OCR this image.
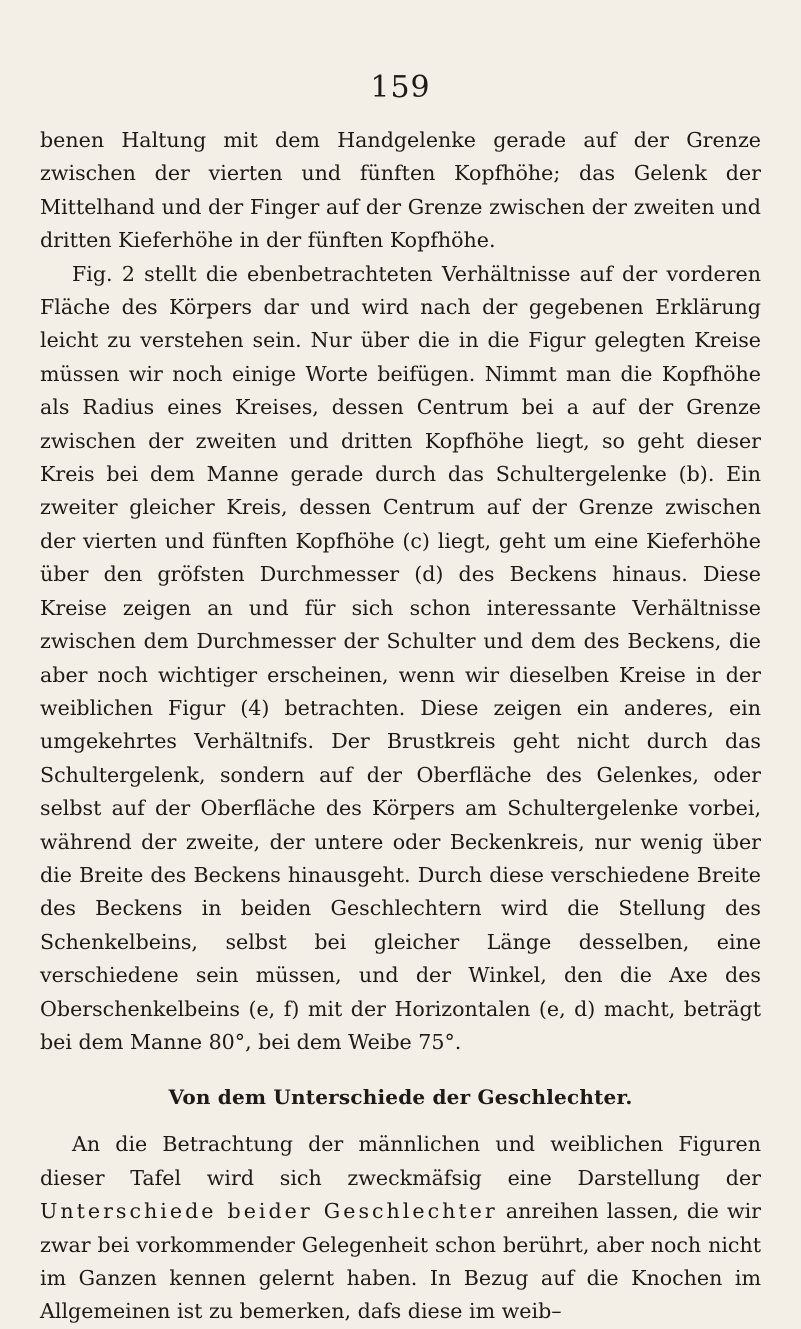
159

benen Haltung mit dem Handgelenke gerade auf der Grenze zwischen der vierten und fünften Kopfhöhe; das Gelenk der Mittelhand und der Finger auf der Grenze zwischen der zweiten und dritten Kieferhöhe in der fünften Kopfhöhe.

Fig. 2 stellt die ebenbetrachteten Verhältnisse auf der vorderen Fläche des Körpers dar und wird nach der gegebenen Erklärung leicht zu verstehen sein. Nur über die in die Figur gelegten Kreise müssen wir noch einige Worte beifügen. Nimmt man die Kopfhöhe als Radius eines Kreises, dessen Centrum bei a auf der Grenze zwischen der zweiten und dritten Kopfhöhe liegt, so geht dieser Kreis bei dem Manne gerade durch das Schultergelenke (b). Ein zweiter gleicher Kreis, dessen Centrum auf der Grenze zwischen der vierten und fünften Kopfhöhe (c) liegt, geht um eine Kieferhöhe über den gröfsten Durchmesser (d) des Beckens hinaus. Diese Kreise zeigen an und für sich schon interessante Verhältnisse zwischen dem Durchmesser der Schulter und dem des Beckens, die aber noch wichtiger erscheinen, wenn wir dieselben Kreise in der weiblichen Figur (4) betrachten. Diese zeigen ein anderes, ein umgekehrtes Verhältnifs. Der Brustkreis geht nicht durch das Schultergelenk, sondern auf der Oberfläche des Gelenkes, oder selbst auf der Oberfläche des Körpers am Schultergelenke vorbei, während der zweite, der untere oder Beckenkreis, nur wenig über die Breite des Beckens hinausgeht. Durch diese verschiedene Breite des Beckens in beiden Geschlechtern wird die Stellung des Schenkelbeins, selbst bei gleicher Länge desselben, eine verschiedene sein müssen, und der Winkel, den die Axe des Oberschenkelbeins (e, f) mit der Horizontalen (e, d) macht, beträgt bei dem Manne 80°, bei dem Weibe 75°.

Von dem Unterschiede der Geschlechter.

An die Betrachtung der männlichen und weiblichen Figuren dieser Tafel wird sich zweckmäfsig eine Darstellung der Unterschiede beider Geschlechter anreihen lassen, die wir zwar bei vorkommender Gelegenheit schon berührt, aber noch nicht im Ganzen kennen gelernt haben. In Bezug auf die Knochen im Allgemeinen ist zu bemerken, dafs diese im weib–
